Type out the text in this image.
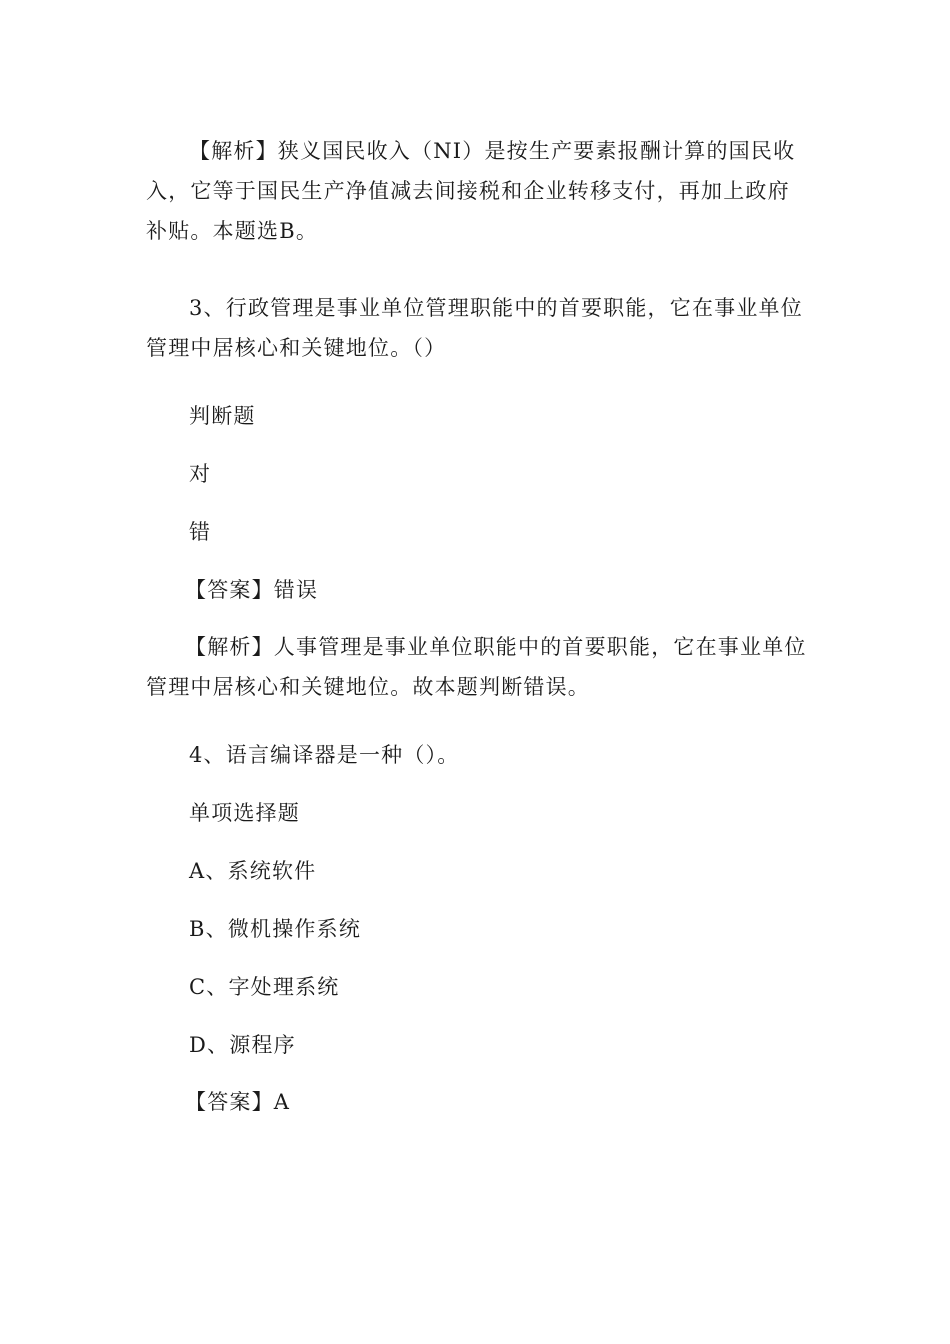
【解析】狭义国民收入（NI）是按生产要素报酬计算的国民收入，它等于国民生产净值减去间接税和企业转移支付，再加上政府补贴。本题选B。

3、行政管理是事业单位管理职能中的首要职能，它在事业单位管理中居核心和关键地位。（）

判断题

对

错

【答案】错误

【解析】人事管理是事业单位职能中的首要职能，它在事业单位管理中居核心和关键地位。故本题判断错误。

4、语言编译器是一种（）。

单项选择题

A、系统软件

B、微机操作系统

C、字处理系统

D、源程序

【答案】A
